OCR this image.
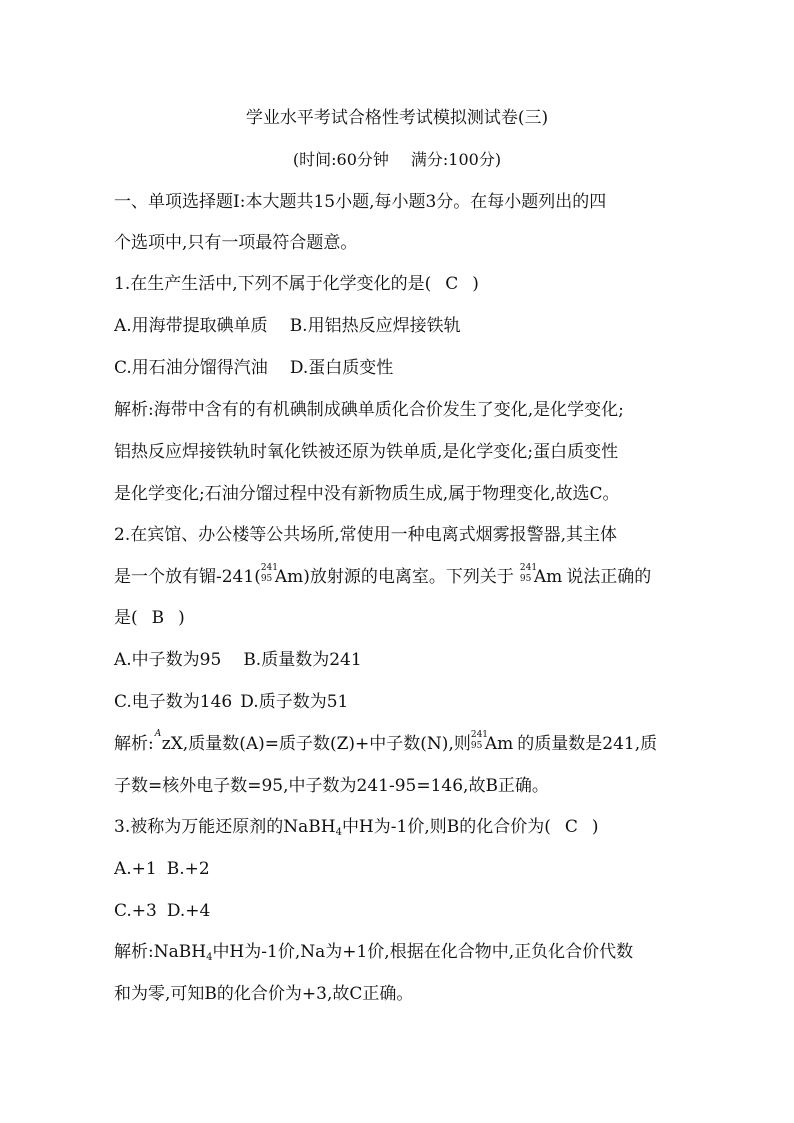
学业水平考试合格性考试模拟测试卷(三)
(时间:60分钟 满分:100分)
一、单项选择题Ⅰ:本大题共15小题,每小题3分。在每小题列出的四
个选项中,只有一项最符合题意。
1.在生产生活中,下列不属于化学变化的是( C )
A.用海带提取碘单质 B.用铝热反应焊接铁轨
C.用石油分馏得汽油 D.蛋白质变性
解析:海带中含有的有机碘制成碘单质化合价发生了变化,是化学变化;
铝热反应焊接铁轨时氧化铁被还原为铁单质,是化学变化;蛋白质变性
是化学变化;石油分馏过程中没有新物质生成,属于物理变化,故选C。
2.在宾馆、办公楼等公共场所,常使用一种电离式烟雾报警器,其主体
是一个放有镅-241( 241
95 Am)放射源的电离室。下列关于 241
95 Am 说法正确的
是( B )
A.中子数为95 B.质量数为241
C.电子数为146 D.质子数为51
解析: A zX,质量数(A)=质子数(Z)+中子数(N),则 241
95 Am 的质量数是241,质
子数=核外电子数=95,中子数为241-95=146,故B正确。
3.被称为万能还原剂的NaBH4中H为-1价,则B的化合价为( C )
A.+1 B.+2
C.+3 D.+4
解析:NaBH4中H为-1价,Na为+1价,根据在化合物中,正负化合价代数
和为零,可知B的化合价为+3,故C正确。
